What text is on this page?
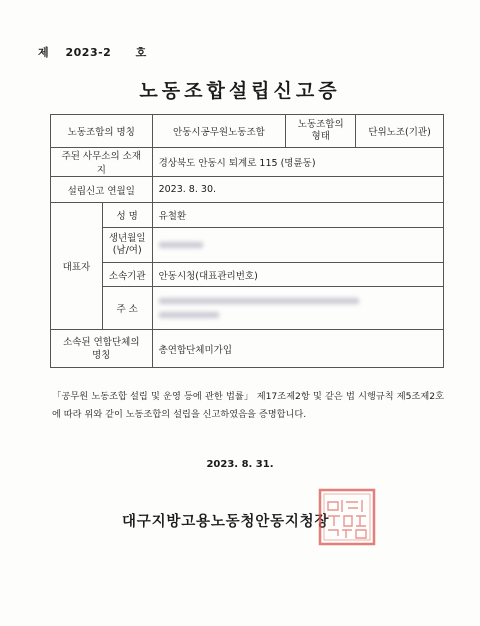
제 2023-2 호
노동조합설립신고증
노동조합의 명칭		안동시공무원노동조합	노동조합의 형태	단위노조(기관)
주된 사무소의 소재지		경상북도 안동시 퇴계로 115 (명륜동)		
설립신고 연월일		2023. 8. 30.		
대표자	성 명	유철환		
	생년월일 (남/여)			
	소속기관	안동시청(대표관리번호)		
	주 소			

소속된 연합단체의 명칭		총연합단체미가입		
「공무원 노동조합 설립 및 운영 등에 관한 법률」 제17조제2항 및 같은 법 시행규칙 제5조제2호에 따라 위와 같이 노동조합의 설립을 신고하였음을 증명합니다.
2023. 8. 31.
대구지방고용노동청안동지청장
